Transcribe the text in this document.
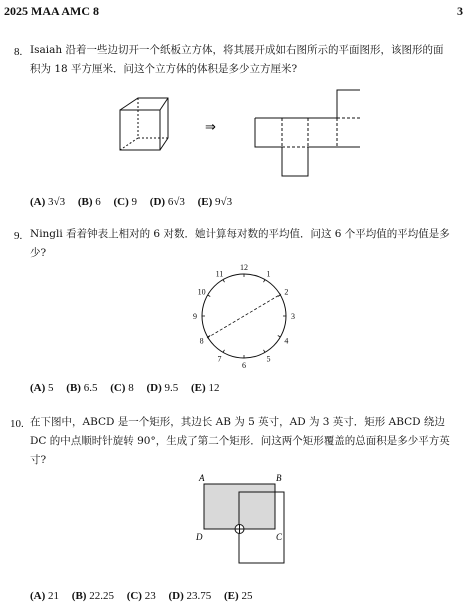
2025 MAA AMC 8	3
8. Isaiah 沿着一些边切开一个纸板立方体，将其展开成如右图所示的平面图形，该图形的面
积为 18 平方厘米．问这个立方体的体积是多少立方厘米?
⇒
(A) 3√3 (B) 6 (C) 9 (D) 6√3 (E) 9√3
9. Ningli 看着钟表上相对的 6 对数．她计算每对数的平均值．问这 6 个平均值的平均值是多
少?
12
1
2
3
4
5
6
7
8
9
10
11
(A) 5 (B) 6.5 (C) 8 (D) 9.5 (E) 12
10. 在下图中，ABCD 是一个矩形，其边长 AB 为 5 英寸，AD 为 3 英寸．矩形 ABCD 绕边
DC 的中点顺时针旋转 90°，生成了第二个矩形．问这两个矩形覆盖的总面积是多少平方英
寸?
A	B
C
D
(A) 21 (B) 22.25 (C) 23 (D) 23.75 (E) 25
